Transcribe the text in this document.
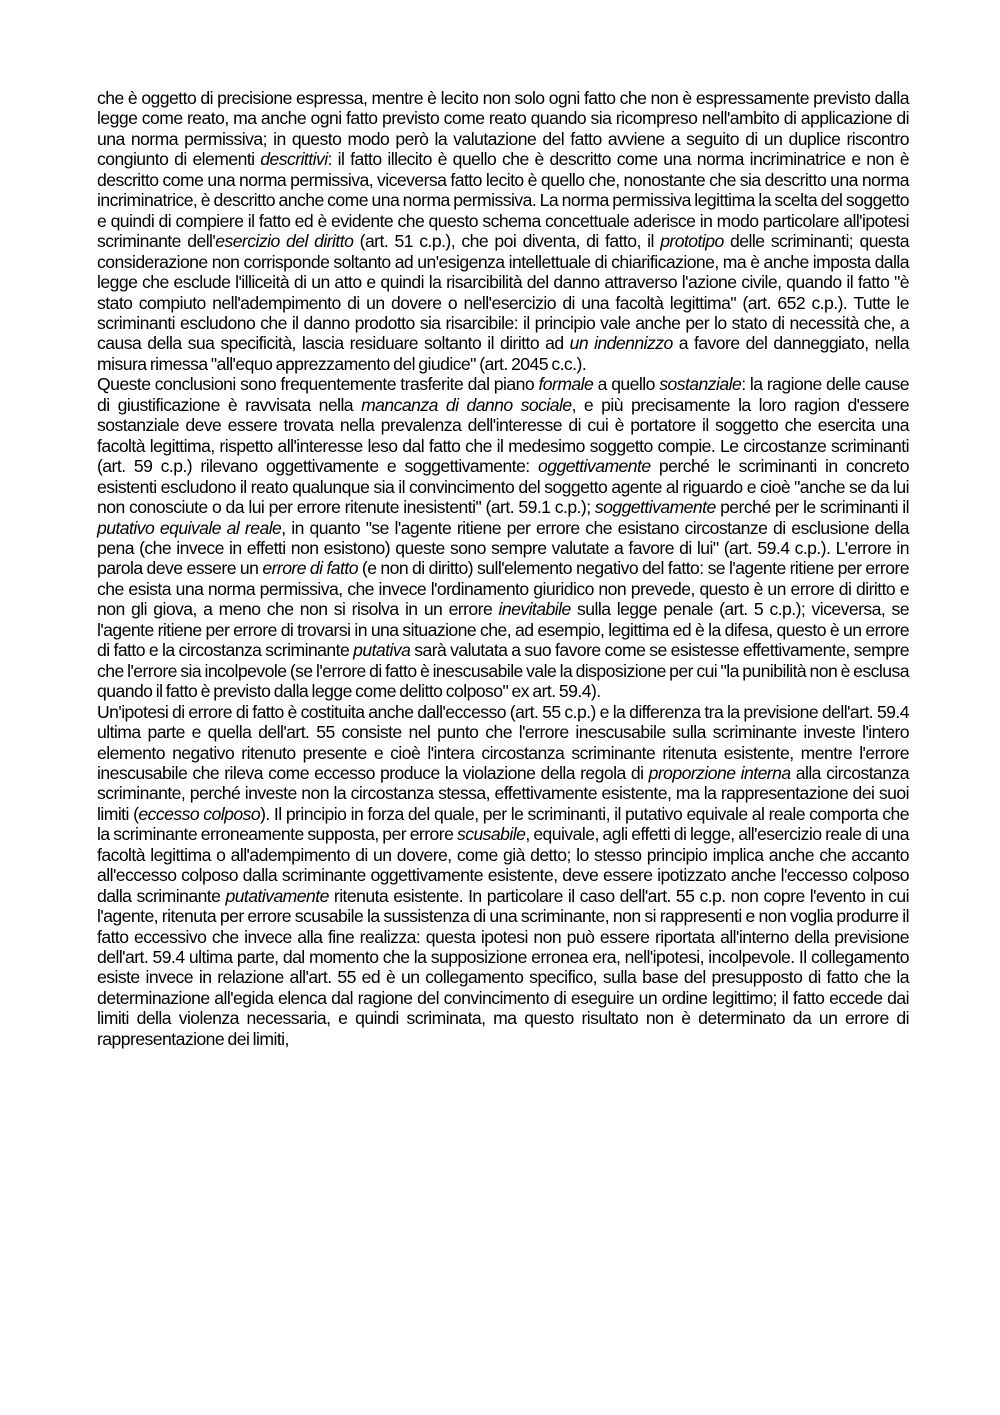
che è oggetto di precisione espressa, mentre è lecito non solo ogni fatto che non è espressamente previsto dalla legge come reato, ma anche ogni fatto previsto come reato quando sia ricompreso nell'ambito di applicazione di una norma permissiva; in questo modo però la valutazione del fatto avviene a seguito di un duplice riscontro congiunto di elementi descrittivi: il fatto illecito è quello che è descritto come una norma incriminatrice e non è descritto come una norma permissiva, viceversa fatto lecito è quello che, nonostante che sia descritto una norma incriminatrice, è descritto anche come una norma permissiva. La norma permissiva legittima la scelta del soggetto e quindi di compiere il fatto ed è evidente che questo schema concettuale aderisce in modo particolare all'ipotesi scriminante dell'esercizio del diritto (art. 51 c.p.), che poi diventa, di fatto, il prototipo delle scriminanti; questa considerazione non corrisponde soltanto ad un'esigenza intellettuale di chiarificazione, ma è anche imposta dalla legge che esclude l'illiceità di un atto e quindi la risarcibilità del danno attraverso l'azione civile, quando il fatto "è stato compiuto nell'adempimento di un dovere o nell'esercizio di una facoltà legittima" (art. 652 c.p.). Tutte le scriminanti escludono che il danno prodotto sia risarcibile: il principio vale anche per lo stato di necessità che, a causa della sua specificità, lascia residuare soltanto il diritto ad un indennizzo a favore del danneggiato, nella misura rimessa "all'equo apprezzamento del giudice" (art. 2045 c.c.).

Queste conclusioni sono frequentemente trasferite dal piano formale a quello sostanziale: la ragione delle cause di giustificazione è ravvisata nella mancanza di danno sociale, e più precisamente la loro ragion d'essere sostanziale deve essere trovata nella prevalenza dell'interesse di cui è portatore il soggetto che esercita una facoltà legittima, rispetto all'interesse leso dal fatto che il medesimo soggetto compie. Le circostanze scriminanti (art. 59 c.p.) rilevano oggettivamente e soggettivamente: oggettivamente perché le scriminanti in concreto esistenti escludono il reato qualunque sia il convincimento del soggetto agente al riguardo e cioè "anche se da lui non conosciute o da lui per errore ritenute inesistenti" (art. 59.1 c.p.); soggettivamente perché per le scriminanti il putativo equivale al reale, in quanto "se l'agente ritiene per errore che esistano circostanze di esclusione della pena (che invece in effetti non esistono) queste sono sempre valutate a favore di lui" (art. 59.4 c.p.). L'errore in parola deve essere un errore di fatto (e non di diritto) sull'elemento negativo del fatto: se l'agente ritiene per errore che esista una norma permissiva, che invece l'ordinamento giuridico non prevede, questo è un errore di diritto e non gli giova, a meno che non si risolva in un errore inevitabile sulla legge penale (art. 5 c.p.); viceversa, se l'agente ritiene per errore di trovarsi in una situazione che, ad esempio, legittima ed è la difesa, questo è un errore di fatto e la circostanza scriminante putativa sarà valutata a suo favore come se esistesse effettivamente, sempre che l'errore sia incolpevole (se l'errore di fatto è inescusabile vale la disposizione per cui "la punibilità non è esclusa quando il fatto è previsto dalla legge come delitto colposo" ex art. 59.4).

Un'ipotesi di errore di fatto è costituita anche dall'eccesso (art. 55 c.p.) e la differenza tra la previsione dell'art. 59.4 ultima parte e quella dell'art. 55 consiste nel punto che l'errore inescusabile sulla scriminante investe l'intero elemento negativo ritenuto presente e cioè l'intera circostanza scriminante ritenuta esistente, mentre l'errore inescusabile che rileva come eccesso produce la violazione della regola di proporzione interna alla circostanza scriminante, perché investe non la circostanza stessa, effettivamente esistente, ma la rappresentazione dei suoi limiti (eccesso colposo). Il principio in forza del quale, per le scriminanti, il putativo equivale al reale comporta che la scriminante erroneamente supposta, per errore scusabile, equivale, agli effetti di legge, all'esercizio reale di una facoltà legittima o all'adempimento di un dovere, come già detto; lo stesso principio implica anche che accanto all'eccesso colposo dalla scriminante oggettivamente esistente, deve essere ipotizzato anche l'eccesso colposo dalla scriminante putativamente ritenuta esistente. In particolare il caso dell'art. 55 c.p. non copre l'evento in cui l'agente, ritenuta per errore scusabile la sussistenza di una scriminante, non si rappresenti e non voglia produrre il fatto eccessivo che invece alla fine realizza: questa ipotesi non può essere riportata all'interno della previsione dell'art. 59.4 ultima parte, dal momento che la supposizione erronea era, nell'ipotesi, incolpevole. Il collegamento esiste invece in relazione all'art. 55 ed è un collegamento specifico, sulla base del presupposto di fatto che la determinazione all'egida elenca dal ragione del convincimento di eseguire un ordine legittimo; il fatto eccede dai limiti della violenza necessaria, e quindi scriminata, ma questo risultato non è determinato da un errore di rappresentazione dei limiti,
